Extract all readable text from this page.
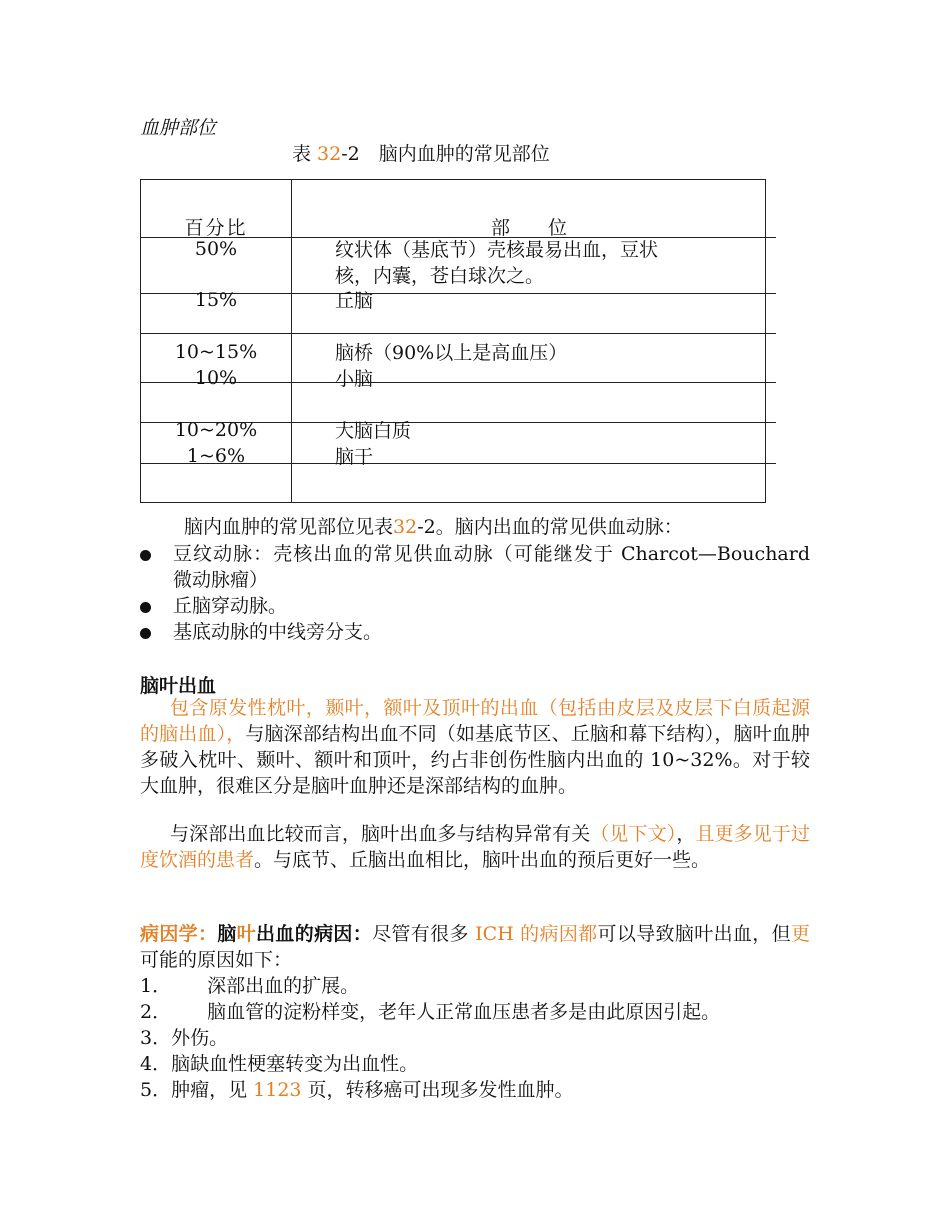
血肿部位
表 32-2　脑内血肿的常见部位
百分比	部　　位
50%	纹状体（基底节）壳核最易出血，豆状
核，内囊，苍白球次之。
15%	丘脑
10~15%	脑桥（90%以上是高血压）
10%	小脑
10~20%	大脑白质
1~6%	脑干
脑内血肿的常见部位见表32-2。脑内出血的常见供血动脉：
豆纹动脉：壳核出血的常见供血动脉（可能继发于 Charcot—Bouchard 微动脉瘤）
丘脑穿动脉。
基底动脉的中线旁分支。
脑叶出血
包含原发性枕叶，颞叶，额叶及顶叶的出血（包括由皮层及皮层下白质起源的脑出血），与脑深部结构出血不同（如基底节区、丘脑和幕下结构），脑叶血肿多破入枕叶、颞叶、额叶和顶叶，约占非创伤性脑内出血的 10~32%。对于较大血肿，很难区分是脑叶血肿还是深部结构的血肿。
与深部出血比较而言，脑叶出血多与结构异常有关（见下文），且更多见于过度饮酒的患者。与底节、丘脑出血相比，脑叶出血的预后更好一些。
病因学：脑叶出血的病因：尽管有很多 ICH 的病因都可以导致脑叶出血，但更可能的原因如下：
1． 深部出血的扩展。
2． 脑血管的淀粉样变，老年人正常血压患者多是由此原因引起。
3．外伤。
4．脑缺血性梗塞转变为出血性。
5．肿瘤，见 1123 页，转移癌可出现多发性血肿。
